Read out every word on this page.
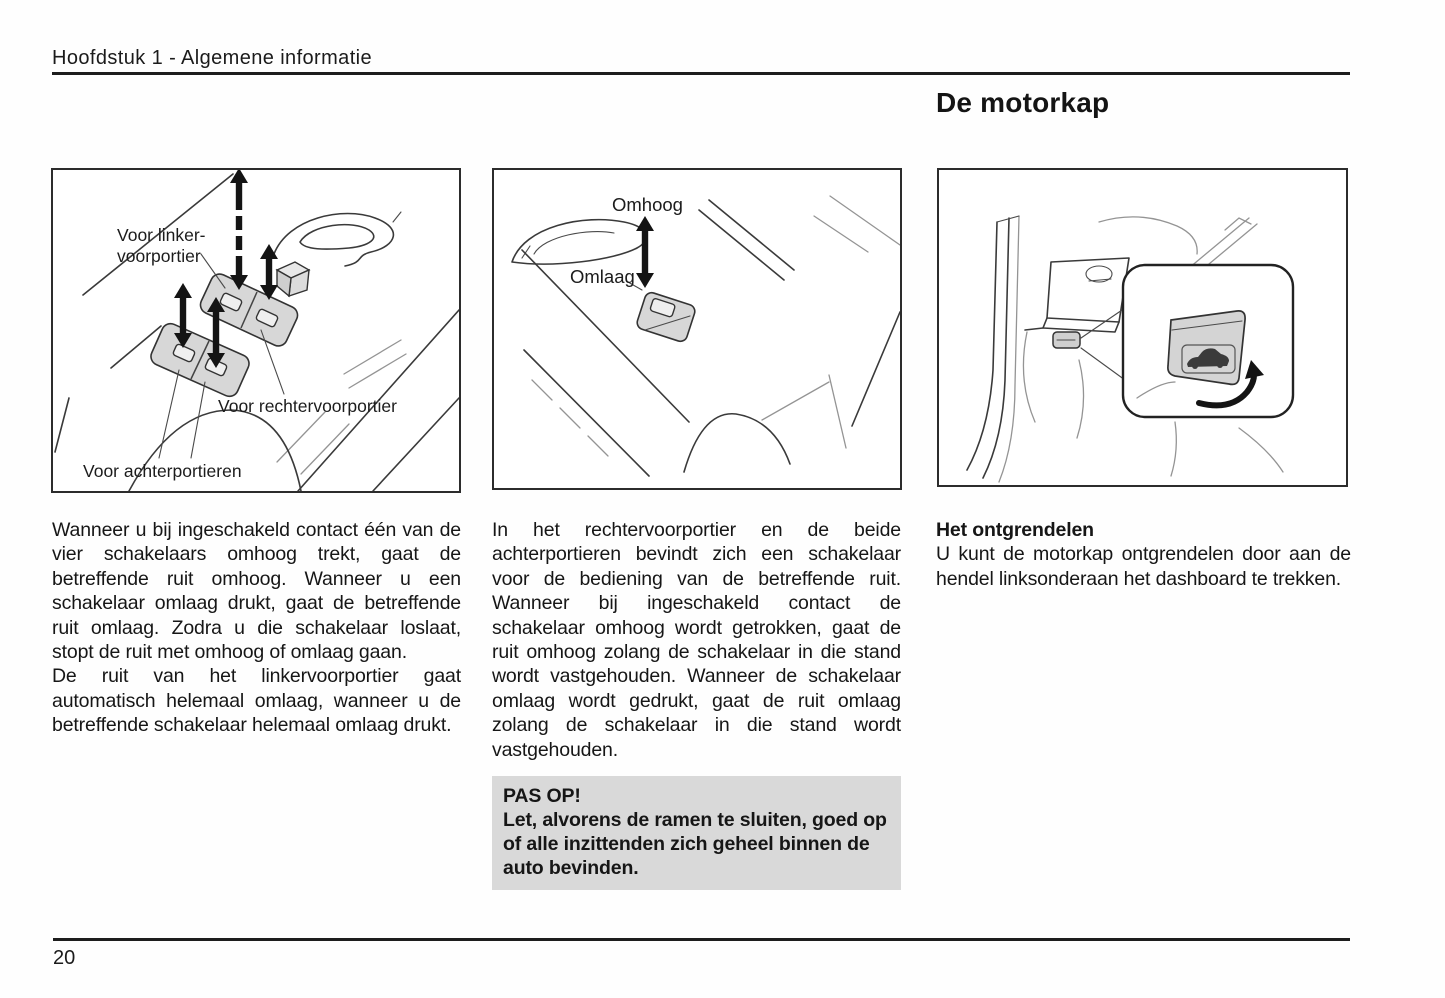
Hoofdstuk 1 - Algemene informatie
De motorkap
Voor linker-
voorportier
Voor rechtervoorportier
Voor achterportieren
Omhoog
Omlaag

Wanneer u bij ingeschakeld contact één van de vier schakelaars omhoog trekt, gaat de betreffende ruit omhoog. Wanneer u een schakelaar omlaag drukt, gaat de betreffende ruit omlaag. Zodra u die schakelaar loslaat, stopt de ruit met omhoog of omlaag gaan.

De ruit van het linkervoorportier gaat automatisch helemaal omlaag, wanneer u de betreffende schakelaar helemaal omlaag drukt.

In het rechtervoorportier en de beide achterportieren bevindt zich een schakelaar voor de bediening van de betreffende ruit. Wanneer bij ingeschakeld contact de schakelaar omhoog wordt getrokken, gaat de ruit omhoog zolang de schakelaar in die stand wordt vastgehouden. Wanneer de schakelaar omlaag wordt gedrukt, gaat de ruit omlaag zolang de schakelaar in die stand wordt vastgehouden.

PAS OP!

Let, alvorens de ramen te sluiten, goed op of alle inzittenden zich geheel binnen de auto bevinden.

Het ontgrendelen

U kunt de motorkap ontgrendelen door aan de hendel linksonderaan het dashboard te trekken.

20
